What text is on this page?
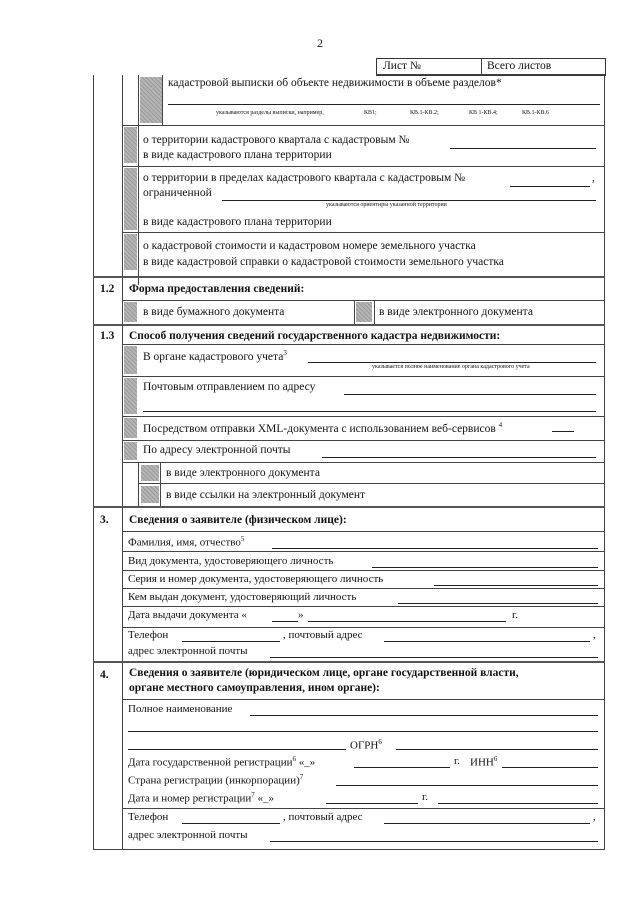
2
Лист №	Всего листов
кадастровой выписки об объекте недвижимости в объеме разделов*
указываются разделы выписки, например,	КВ1;	КВ.1-КВ.2;	КВ 1-КВ.4;	КВ.1-КВ.6
о территории кадастрового квартала с кадастровым №
в виде кадастрового плана территории
о территории в пределах кадастрового квартала с кадастровым №	,
ограниченной
указываются ориентиры указанной территории
в виде кадастрового плана территории
о кадастровой стоимости и кадастровом номере земельного участка
в виде кадастровой справки о кадастровой стоимости земельного участка
1.2 Форма предоставления сведений:
в виде бумажного документа	в виде электронного документа
1.3 Способ получения сведений государственного кадастра недвижимости:
В органе кадастрового учета$^3$
указывается полное наименование органа кадастрового учета
Почтовым отправлением по адресу
Посредством отправки XML-документа с использованием веб-сервисов $^4$
По адресу электронной почты
в виде электронного документа
в виде ссылки на электронный документ
3. Сведения о заявителе (физическом лице):
Фамилия, имя, отчество$^5$
Вид документа, удостоверяющего личность
Серия и номер документа, удостоверяющего личность
Кем выдан документ, удостоверяющий личность
Дата выдачи документа «	»	г.
Телефон	, почтовый адрес	,
адрес электронной почты
4. Сведения о заявителе (юридическом лице, органе государственной власти,
органе местного самоуправления, ином органе):
Полное наименование
ОГРН$^6$
Дата государственной регистрации$^6$ «_»	г. ИНН$^6$
Страна регистрации (инкорпорации)$^7$
Дата и номер регистрации$^7$ «_»	г.
Телефон	, почтовый адрес	,
адрес электронной почты
